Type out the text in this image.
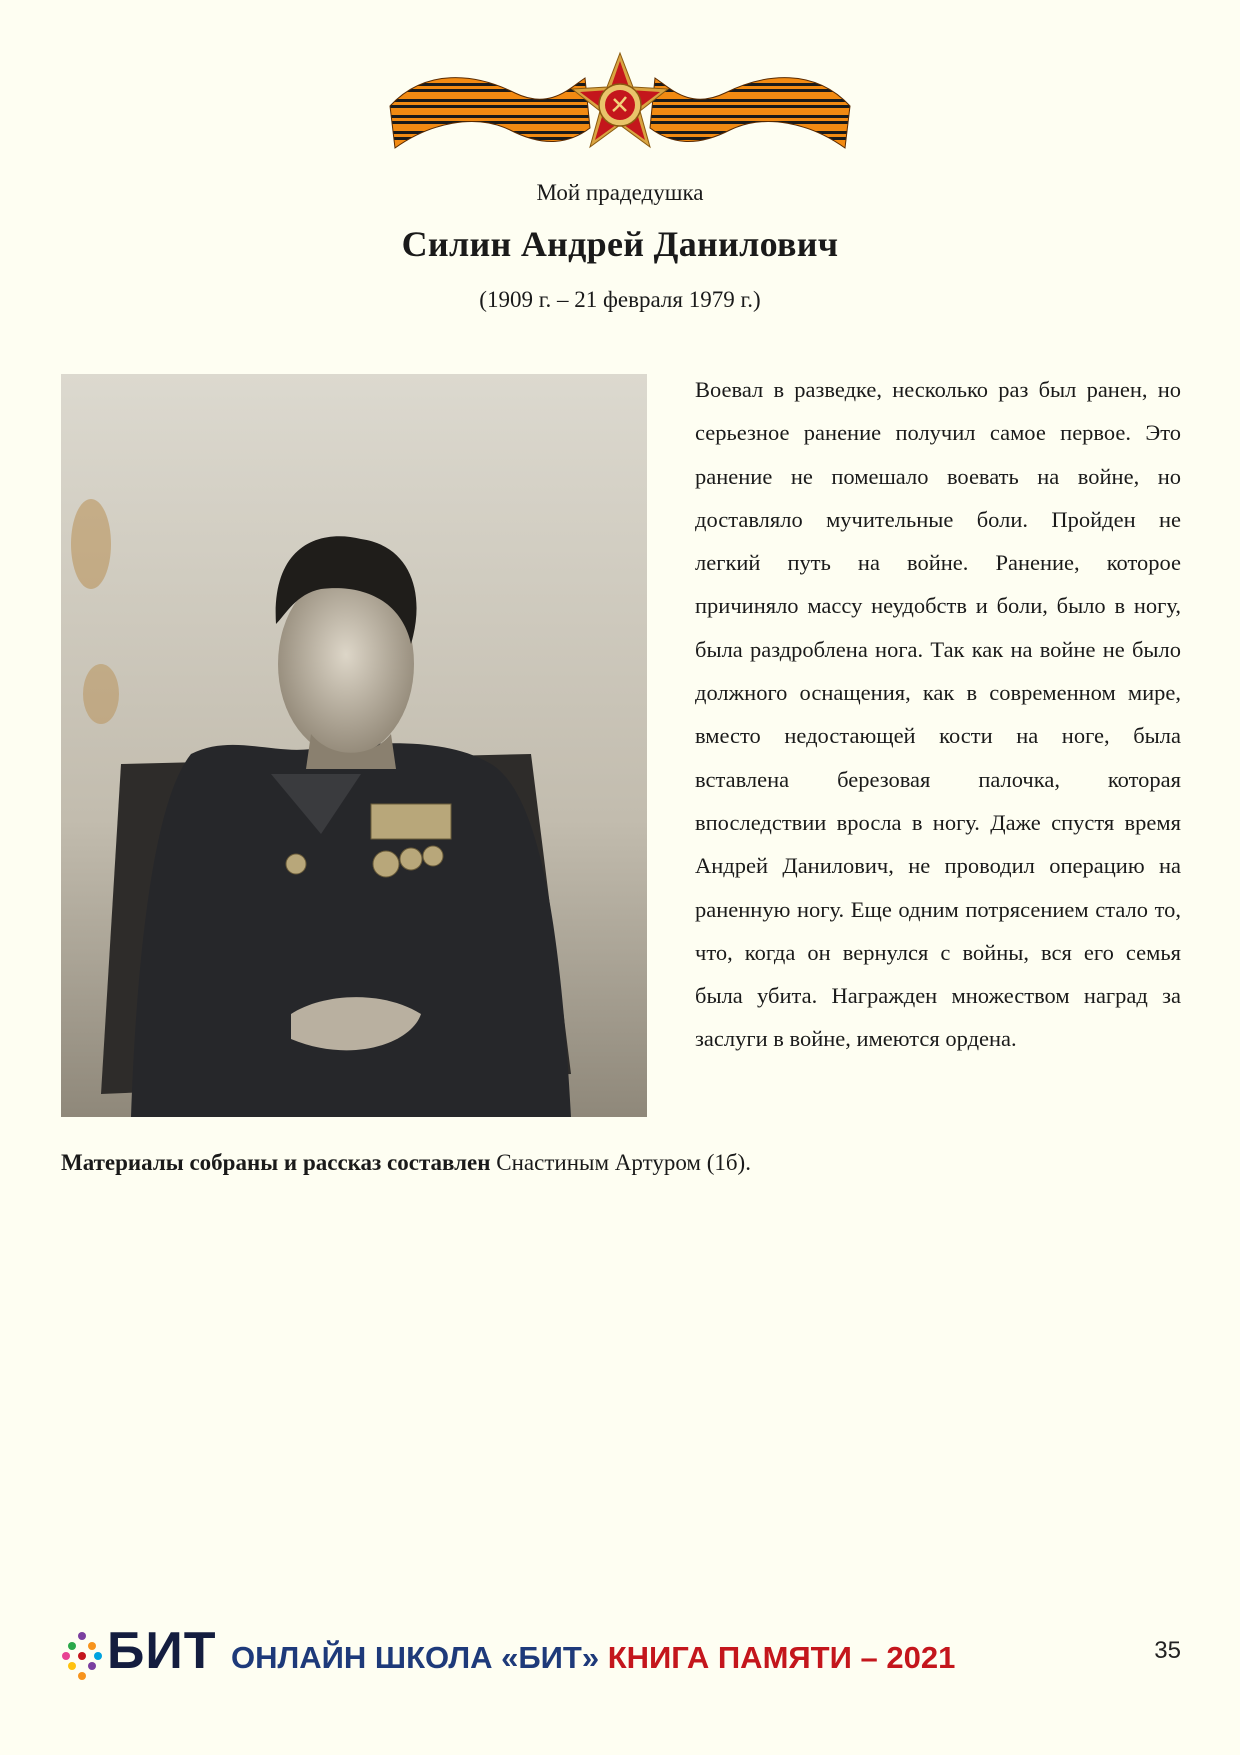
Мой прадедушка
Силин Андрей Данилович
(1909 г. – 21 февраля 1979 г.)
Воевал в разведке, несколько раз был ранен, но серьезное ранение получил самое первое. Это ранение не помешало воевать на войне, но доставляло мучительные боли. Пройден не легкий путь на войне. Ранение, которое причиняло массу неудобств и боли, было в ногу, была раздроблена нога. Так как на войне не было должного оснащения, как в современном мире, вместо недостающей кости на ноге, была вставлена березовая палочка, которая впоследствии вросла в ногу. Даже спустя время Андрей Данилович, не проводил операцию на раненную ногу. Еще одним потрясением стало то, что, когда он вернулся с войны, вся его семья была убита. Награжден множеством наград за заслуги в войне, имеются ордена.
Материалы собраны и рассказ составлен Снастиным Артуром (1б).
БИТ ОНЛАЙН ШКОЛА «БИТ» КНИГА ПАМЯТИ – 2021	35
